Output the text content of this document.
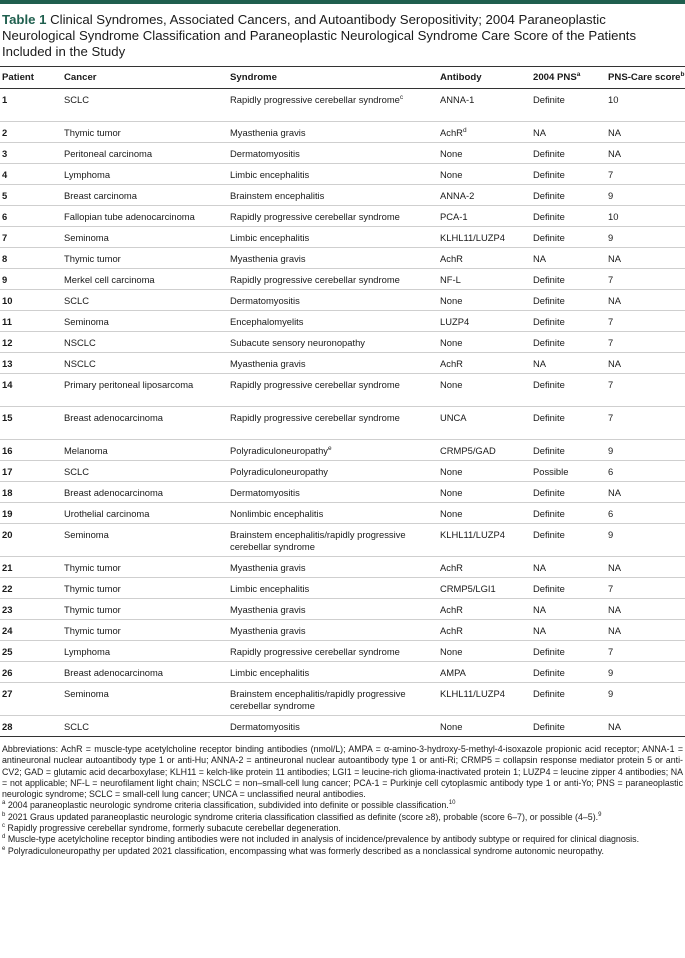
Table 1 Clinical Syndromes, Associated Cancers, and Autoantibody Seropositivity; 2004 Paraneoplastic Neurological Syndrome Classification and Paraneoplastic Neurological Syndrome Care Score of the Patients Included in the Study
Patient	Cancer	Syndrome	Antibody	2004 PNS$^a$	PNS-Care score$^b$

1	SCLC	Rapidly progressive cerebellar syndrome$^c$	ANNA-1	Definite	10

2	Thymic tumor	Myasthenia gravis	AchR$^d$	NA	NA

3	Peritoneal carcinoma	Dermatomyositis	None	Definite	NA

4	Lymphoma	Limbic encephalitis	None	Definite	7

5	Breast carcinoma	Brainstem encephalitis	ANNA-2	Definite	9

6	Fallopian tube adenocarcinoma	Rapidly progressive cerebellar syndrome	PCA-1	Definite	10

7	Seminoma	Limbic encephalitis	KLHL11/LUZP4	Definite	9

8	Thymic tumor	Myasthenia gravis	AchR	NA	NA

9	Merkel cell carcinoma	Rapidly progressive cerebellar syndrome	NF-L	Definite	7

10	SCLC	Dermatomyositis	None	Definite	NA

11	Seminoma	Encephalomyelits	LUZP4	Definite	7

12	NSCLC	Subacute sensory neuronopathy	None	Definite	7

13	NSCLC	Myasthenia gravis	AchR	NA	NA

14	Primary peritoneal liposarcoma	Rapidly progressive cerebellar syndrome	None	Definite	7

15	Breast adenocarcinoma	Rapidly progressive cerebellar syndrome	UNCA	Definite	7

16	Melanoma	Polyradiculoneuropathy$^e$	CRMP5/GAD	Definite	9

17	SCLC	Polyradiculoneuropathy	None	Possible	6

18	Breast adenocarcinoma	Dermatomyositis	None	Definite	NA

19	Urothelial carcinoma	Nonlimbic encephalitis	None	Definite	6

20	Seminoma	Brainstem encephalitis/rapidly progressive cerebellar syndrome	KLHL11/LUZP4	Definite	9

21	Thymic tumor	Myasthenia gravis	AchR	NA	NA

22	Thymic tumor	Limbic encephalitis	CRMP5/LGI1	Definite	7

23	Thymic tumor	Myasthenia gravis	AchR	NA	NA

24	Thymic tumor	Myasthenia gravis	AchR	NA	NA

25	Lymphoma	Rapidly progressive cerebellar syndrome	None	Definite	7

26	Breast adenocarcinoma	Limbic encephalitis	AMPA	Definite	9

27	Seminoma	Brainstem encephalitis/rapidly progressive cerebellar syndrome	KLHL11/LUZP4	Definite	9

28	SCLC	Dermatomyositis	None	Definite	NA

Abbreviations: AchR = muscle-type acetylcholine receptor binding antibodies (nmol/L); AMPA = α-amino-3-hydroxy-5-methyl-4-isoxazole propionic acid receptor; ANNA-1 = antineuronal nuclear autoantibody type 1 or anti-Hu; ANNA-2 = antineuronal nuclear autoantibody type 1 or anti-Ri; CRMP5 = collapsin response mediator protein 5 or anti-CV2; GAD = glutamic acid decarboxylase; KLH11 = kelch-like protein 11 antibodies; LGI1 = leucine-rich glioma-inactivated protein 1; LUZP4 = leucine zipper 4 antibodies; NA = not applicable; NF-L = neurofilament light chain; NSCLC = non–small-cell lung cancer; PCA-1 = Purkinje cell cytoplasmic antibody type 1 or anti-Yo; PNS = paraneoplastic neurologic syndrome; SCLC = small-cell lung cancer; UNCA = unclassified neural antibodies.

$^a$ 2004 paraneoplastic neurologic syndrome criteria classification, subdivided into definite or possible classification.$^{10}$

$^b$ 2021 Graus updated paraneoplastic neurologic syndrome criteria classification classified as definite (score ≥8), probable (score 6–7), or possible (4–5).$^9$

$^c$ Rapidly progressive cerebellar syndrome, formerly subacute cerebellar degeneration.

$^d$ Muscle-type acetylcholine receptor binding antibodies were not included in analysis of incidence/prevalence by antibody subtype or required for clinical diagnosis.

$^e$ Polyradiculoneuropathy per updated 2021 classification, encompassing what was formerly described as a nonclassical syndrome autonomic neuropathy.
